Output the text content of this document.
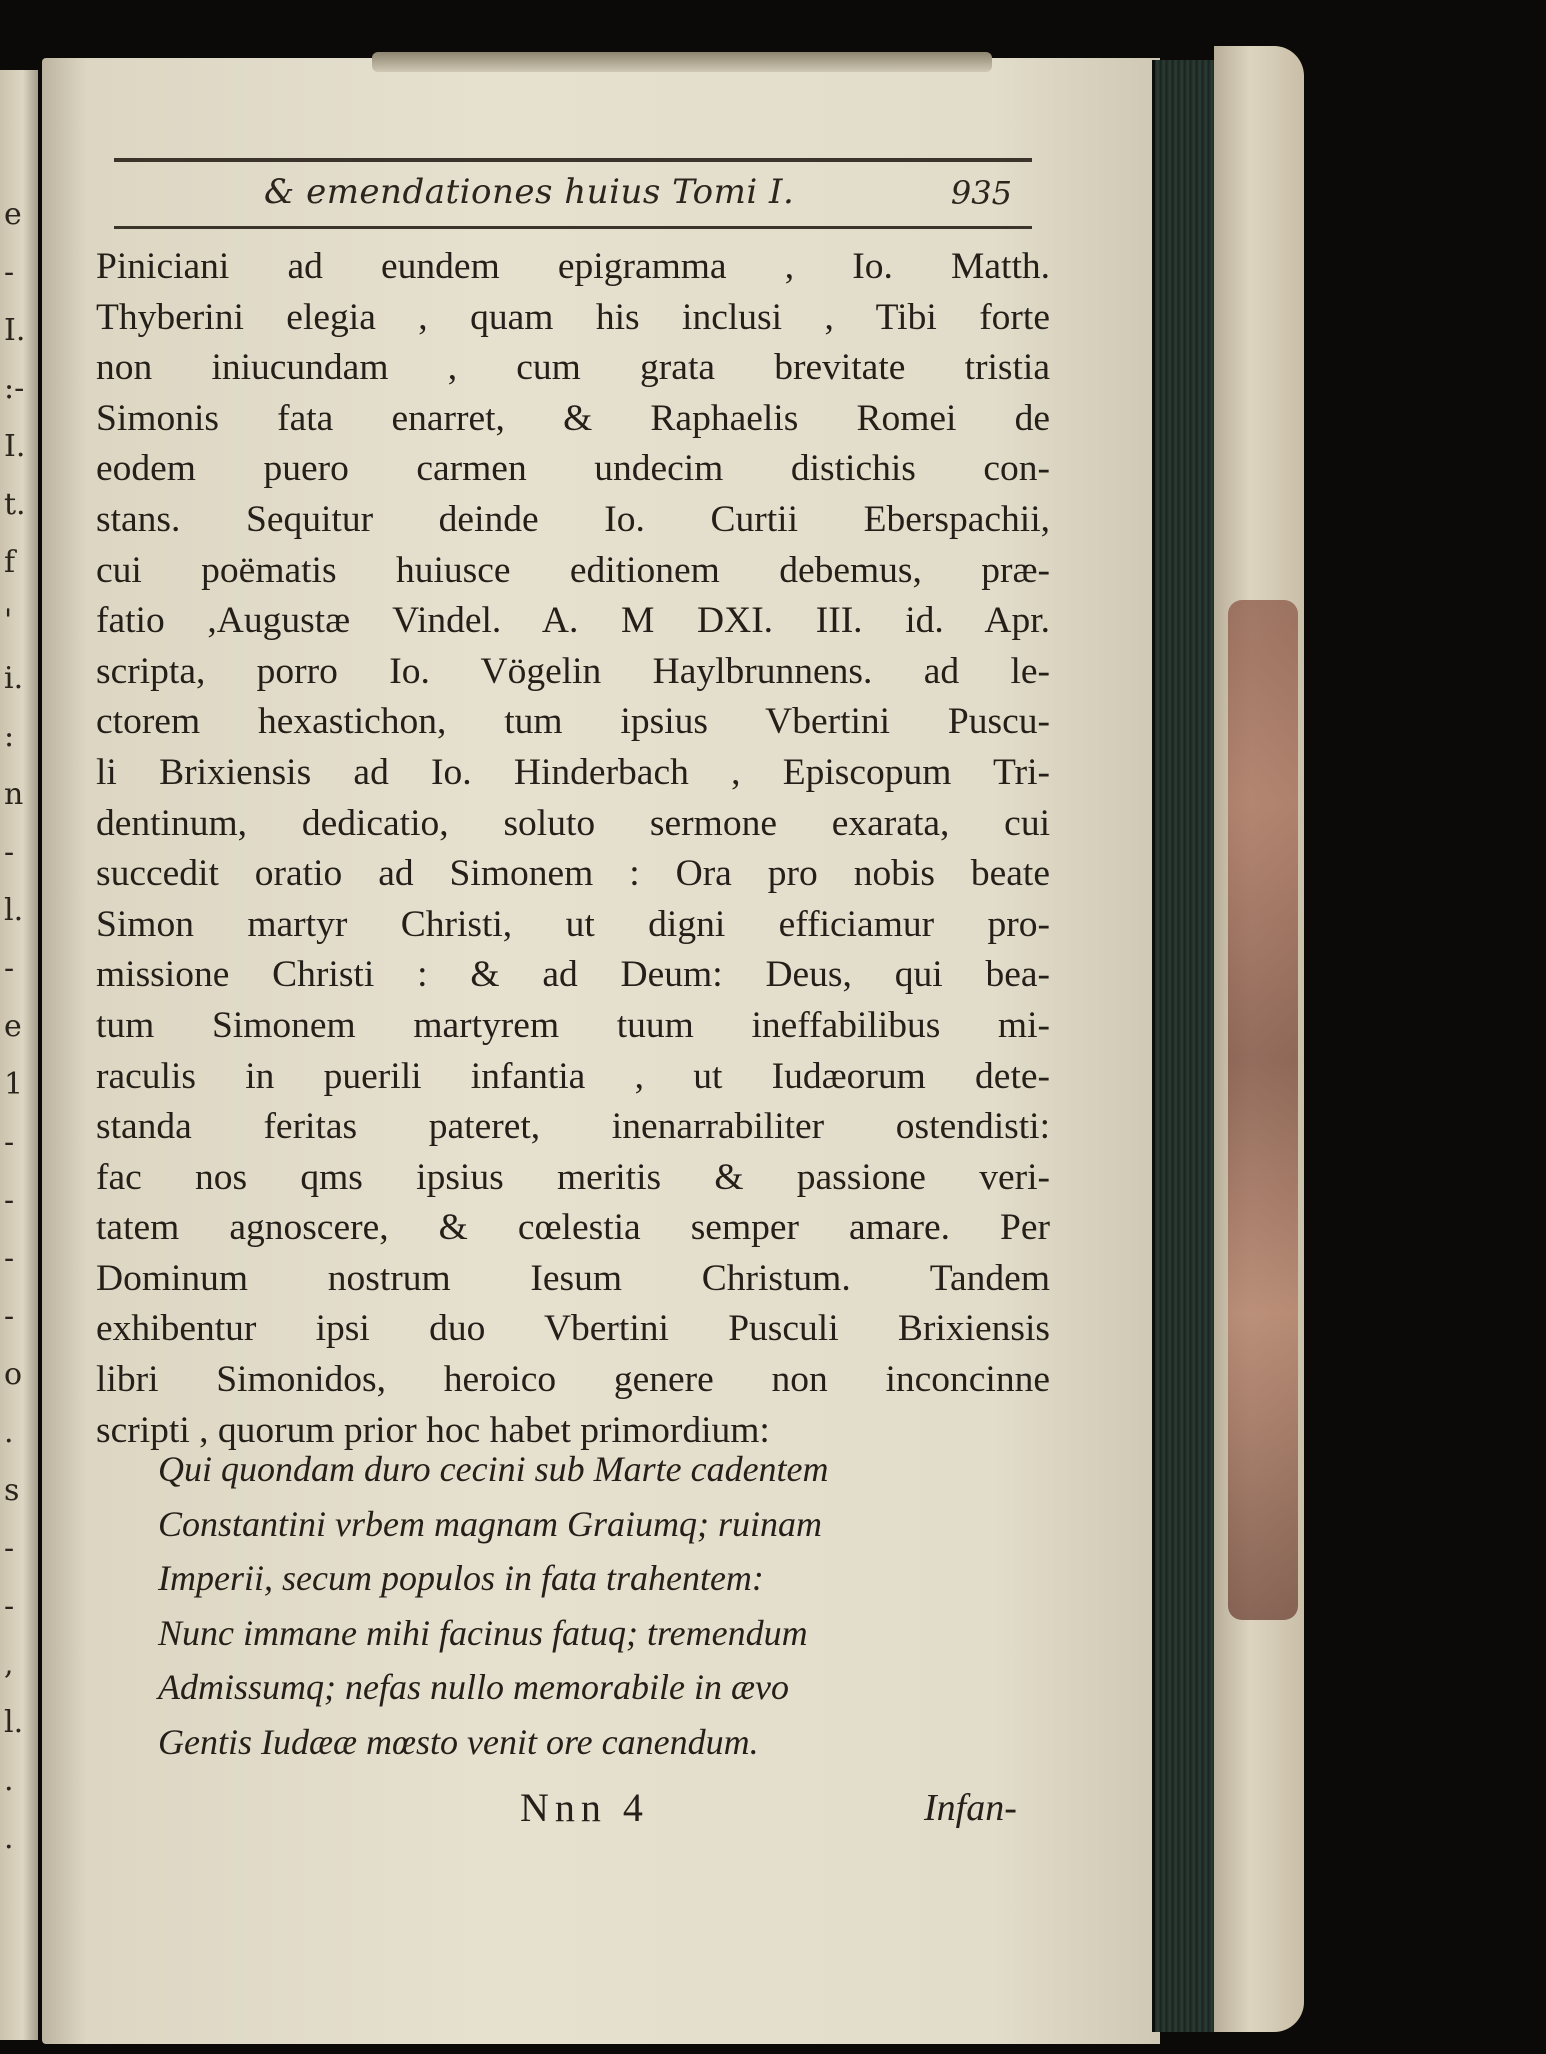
e
-
I.
:-
I.
t.
f
'
i.
:
n
-
l.
-
e
1
-
-
-
-
o
.
s
-
-
,
l.
.
.
& emendationes huius Tomi I.	935
Piniciani ad eundem epigramma , Io. Matth.
Thyberini elegia , quam his inclusi , Tibi forte
non iniucundam , cum grata brevitate tristia
Simonis fata enarret, & Raphaelis Romei de
eodem puero carmen undecim distichis con-
stans. Sequitur deinde Io. Curtii Eberspachii,
cui poëmatis huiusce editionem debemus, præ-
fatio ,Augustæ Vindel. A. M DXI. III. id. Apr.
scripta, porro Io. Vögelin Haylbrunnens. ad le-
ctorem hexastichon, tum ipsius Vbertini Puscu-
li Brixiensis ad Io. Hinderbach , Episcopum Tri-
dentinum, dedicatio, soluto sermone exarata, cui
succedit oratio ad Simonem : Ora pro nobis beate
Simon martyr Christi, ut digni efficiamur pro-
missione Christi : & ad Deum: Deus, qui bea-
tum Simonem martyrem tuum ineffabilibus mi-
raculis in puerili infantia , ut Iudæorum dete-
standa feritas pateret, inenarrabiliter ostendisti:
fac nos qms ipsius meritis & passione veri-
tatem agnoscere, & cœlestia semper amare. Per
Dominum nostrum Iesum Christum. Tandem
exhibentur ipsi duo Vbertini Pusculi Brixiensis
libri Simonidos, heroico genere non inconcinne
scripti , quorum prior hoc habet primordium:
Qui quondam duro cecini sub Marte cadentem
Constantini vrbem magnam Graiumq; ruinam
Imperii, secum populos in fata trahentem:
Nunc immane mihi facinus fatuq; tremendum
Admissumq; nefas nullo memorabile in ævo
Gentis Iudææ mœsto venit ore canendum.
Nnn 4	Infan-
